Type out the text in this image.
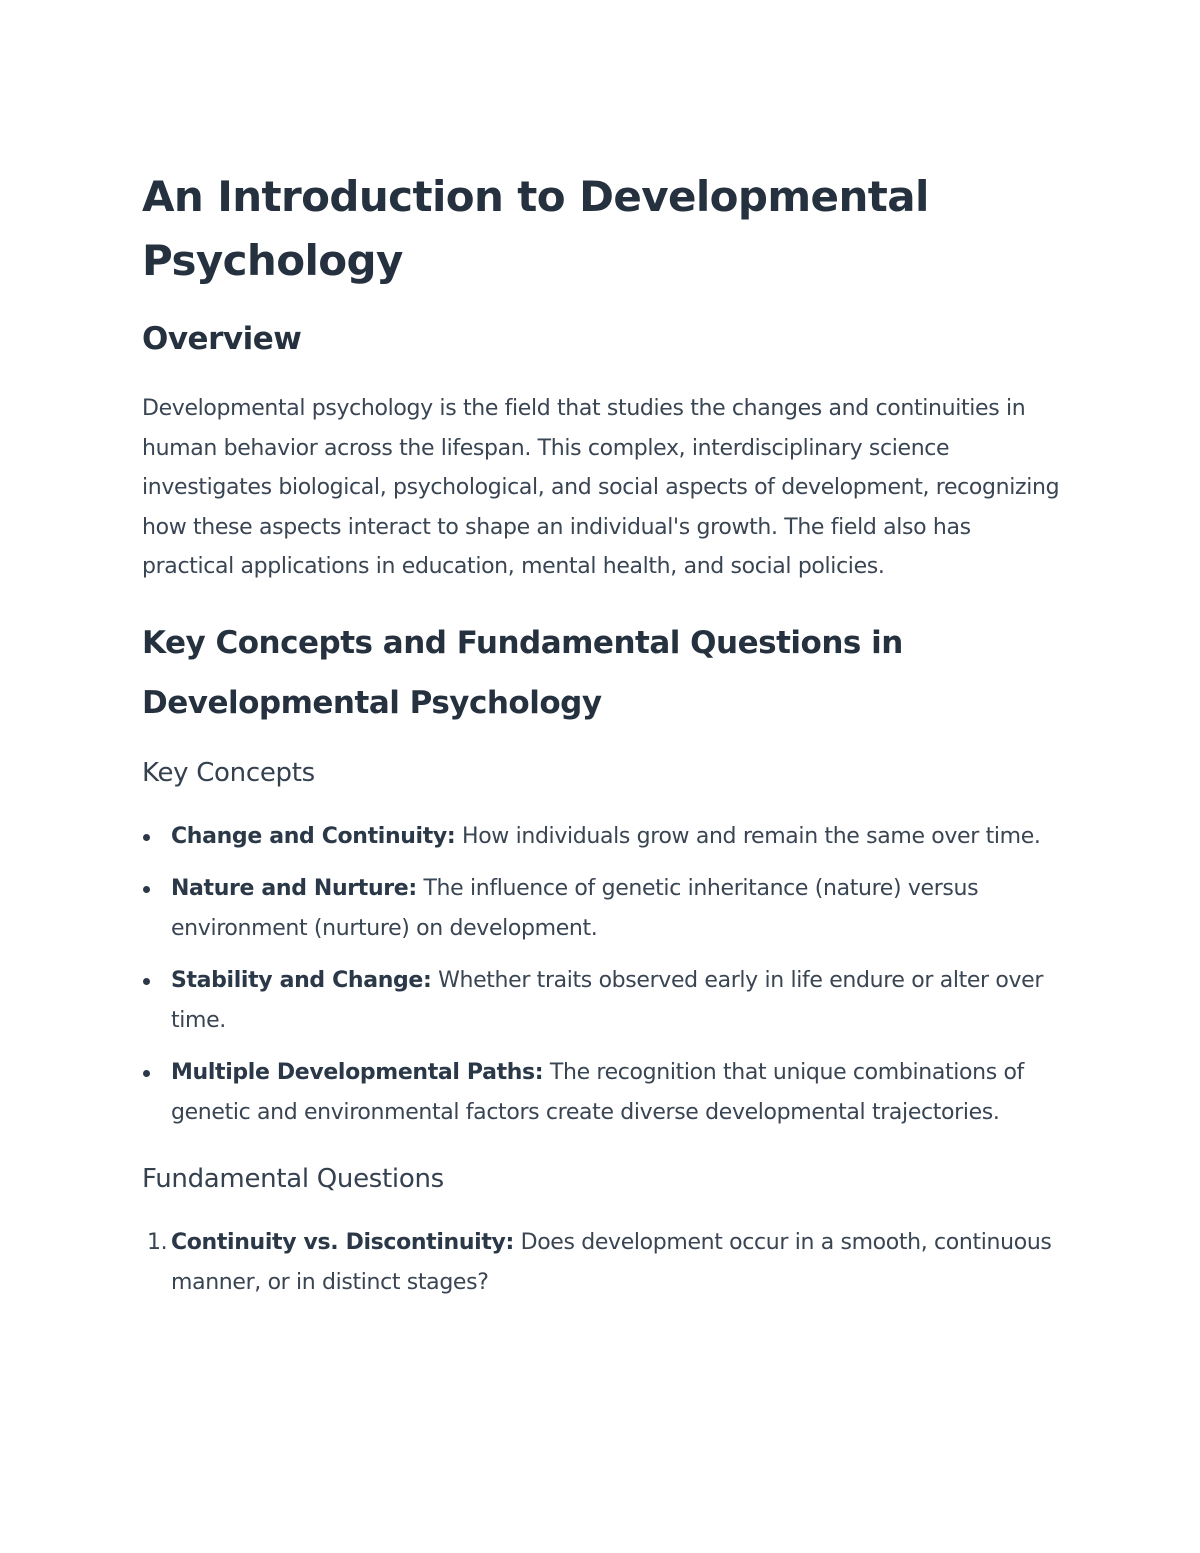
An Introduction to Developmental Psychology
Overview

Developmental psychology is the field that studies the changes and continuities in human behavior across the lifespan. This complex, interdisciplinary science investigates biological, psychological, and social aspects of development, recognizing how these aspects interact to shape an individual's growth. The field also has practical applications in education, mental health, and social policies.

Key Concepts and Fundamental Questions in Developmental Psychology
Key Concepts
Change and Continuity: How individuals grow and remain the same over time.
Nature and Nurture: The influence of genetic inheritance (nature) versus environment (nurture) on development.
Stability and Change: Whether traits observed early in life endure or alter over time.
Multiple Developmental Paths: The recognition that unique combinations of genetic and environmental factors create diverse developmental trajectories.
Fundamental Questions
1. Continuity vs. Discontinuity: Does development occur in a smooth, continuous manner, or in distinct stages?
